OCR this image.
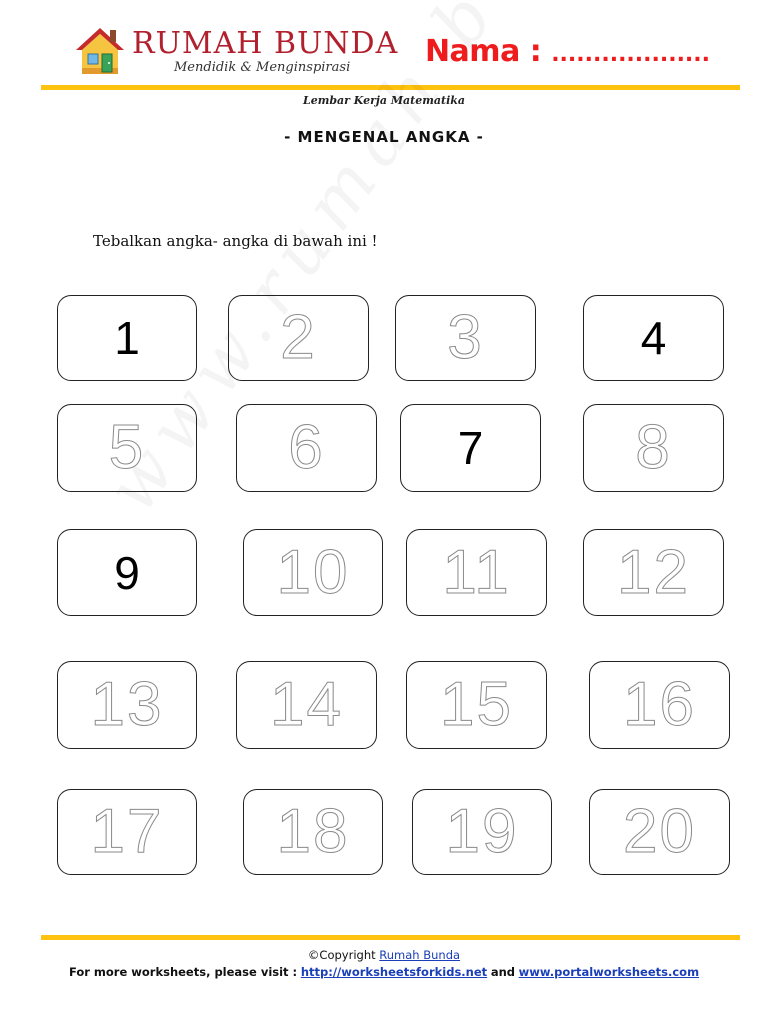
RUMAH BUNDA
Mendidik & Menginspirasi Nama : ...................
Lembar Kerja Matematika
- MENGENAL ANGKA -
Tebalkan angka- angka di bawah ini !
1 2 3	4
5 6	7 8
9 10 11 12
13 14 15 16
17 18 19 20
©Copyright Rumah Bunda
For more worksheets, please visit : http://worksheetsforkids.net and www.portalworksheets.com
